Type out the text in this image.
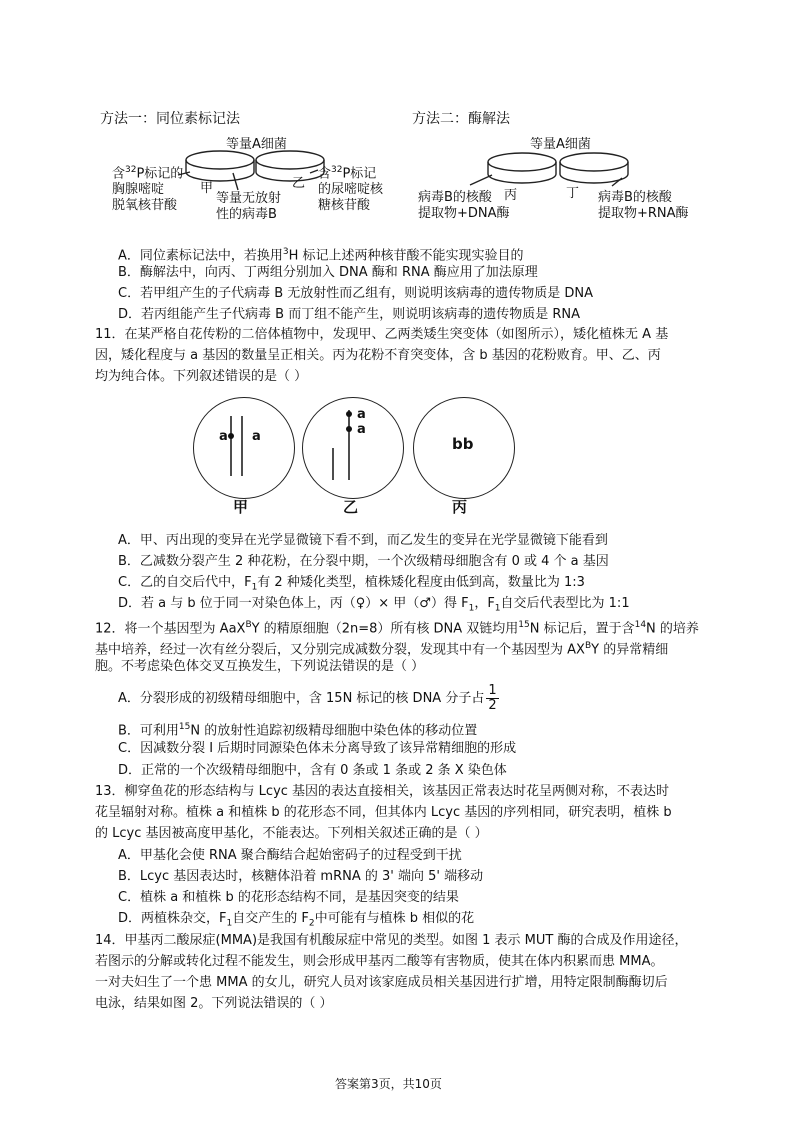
方法一：同位素标记法	方法二：酶解法
等量A细菌	等量A细菌
含$^{32}$P标记的
胸腺嘧啶
脱氧核苷酸
甲	乙
等量无放射
性的病毒B
含$^{32}$P标记
的尿嘧啶核
糖核苷酸
丙	丁
病毒B的核酸
提取物+DNA酶
病毒B的核酸
提取物+RNA酶
A．同位素标记法中，若换用$^3$H 标记上述两种核苷酸不能实现实验目的
B．酶解法中，向丙、丁两组分别加入 DNA 酶和 RNA 酶应用了加法原理
C．若甲组产生的子代病毒 B 无放射性而乙组有，则说明该病毒的遗传物质是 DNA
D．若丙组能产生子代病毒 B 而丁组不能产生，则说明该病毒的遗传物质是 RNA
11．在某严格自花传粉的二倍体植物中，发现甲、乙两类矮生突变体（如图所示），矮化植株无 A 基
因，矮化程度与 a 基因的数量呈正相关。丙为花粉不育突变体，含 b 基因的花粉败育。甲、乙、丙
均为纯合体。下列叙述错误的是（ ）
a a
a
a
bb
甲	乙	丙
A．甲、丙出现的变异在光学显微镜下看不到，而乙发生的变异在光学显微镜下能看到
B．乙减数分裂产生 2 种花粉，在分裂中期，一个次级精母细胞含有 0 或 4 个 a 基因
C．乙的自交后代中，$F_1$有 2 种矮化类型，植株矮化程度由低到高，数量比为 1:3
D．若 a 与 b 位于同一对染色体上，丙（♀）× 甲（♂）得 $F_1$，$F_1$自交后代表型比为 1:1
12．将一个基因型为 AaX$^B$Y 的精原细胞（2n=8）所有核 DNA 双链均用$^{15}$N 标记后，置于含$^{14}$N 的培养
基中培养，经过一次有丝分裂后，又分别完成减数分裂，发现其中有一个基因型为 $AX^BY$ 的异常精细
胞。不考虑染色体交叉互换发生，下列说法错误的是（ ）
A．分裂形成的初级精母细胞中，含 15N 标记的核 DNA 分子占 $\frac{1}{2}$
B．可利用$^{15}$N 的放射性追踪初级精母细胞中染色体的移动位置
C．因减数分裂 I 后期时同源染色体未分离导致了该异常精细胞的形成
D．正常的一个次级精母细胞中，含有 0 条或 1 条或 2 条 X 染色体
13．柳穿鱼花的形态结构与 Lcyc 基因的表达直接相关，该基因正常表达时花呈两侧对称，不表达时
花呈辐射对称。植株 a 和植株 b 的花形态不同，但其体内 Lcyc 基因的序列相同，研究表明，植株 b
的 Lcyc 基因被高度甲基化，不能表达。下列相关叙述正确的是（ ）
A．甲基化会使 RNA 聚合酶结合起始密码子的过程受到干扰
B．Lcyc 基因表达时，核糖体沿着 mRNA 的 3' 端向 5' 端移动
C．植株 a 和植株 b 的花形态结构不同，是基因突变的结果
D．两植株杂交，$F_1$自交产生的 $F_2$中可能有与植株 b 相似的花
14．甲基丙二酸尿症(MMA)是我国有机酸尿症中常见的类型。如图 1 表示 MUT 酶的合成及作用途径，
若图示的分解或转化过程不能发生，则会形成甲基丙二酸等有害物质，使其在体内积累而患 MMA。
一对夫妇生了一个患 MMA 的女儿，研究人员对该家庭成员相关基因进行扩增，用特定限制酶酶切后
电泳，结果如图 2。下列说法错误的（ ）
答案第3页，共10页
